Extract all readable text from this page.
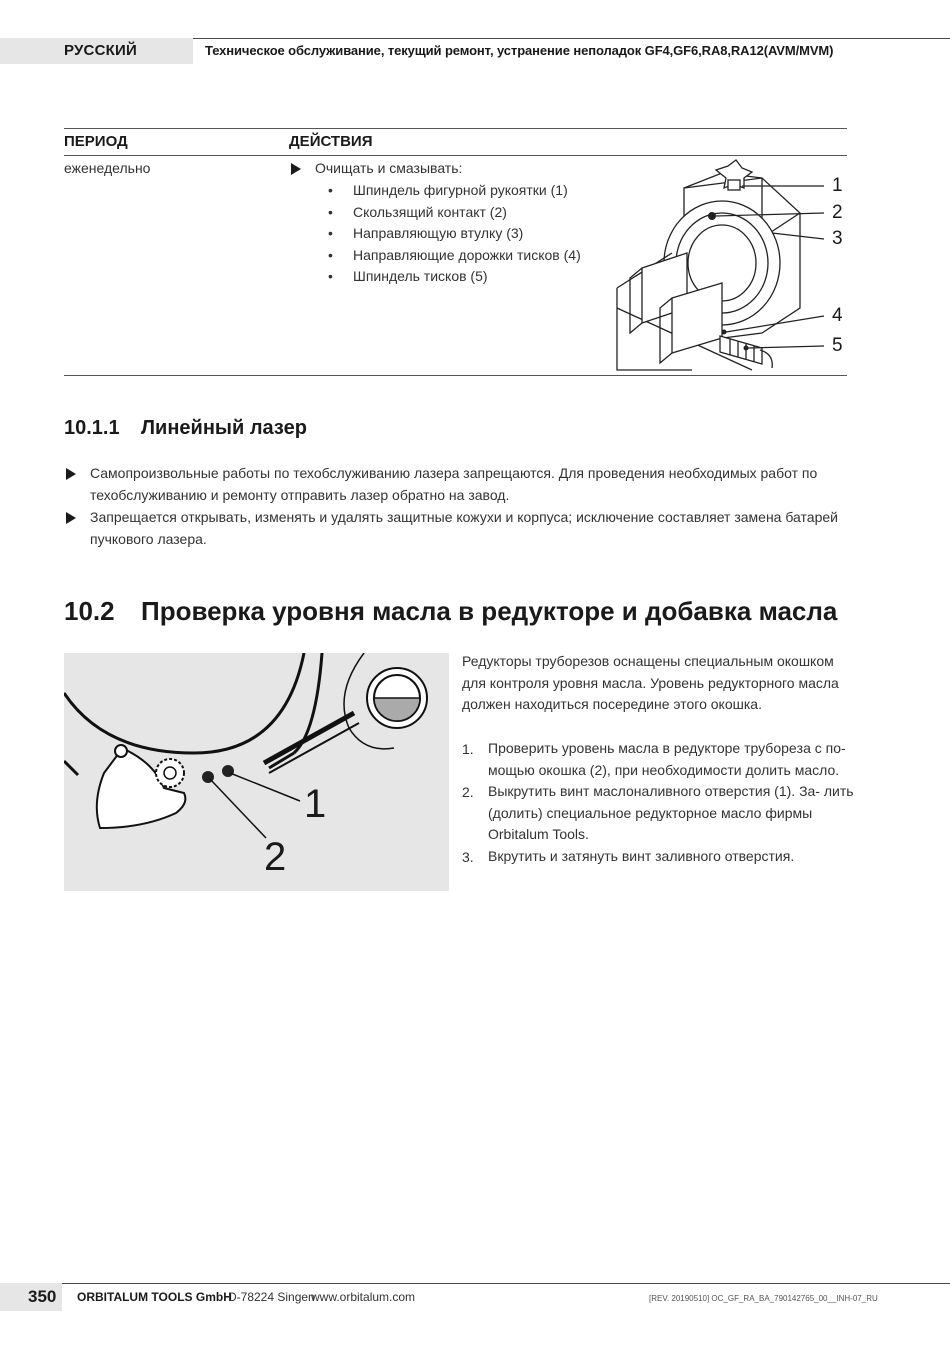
РУССКИЙ	Техническое обслуживание, текущий ремонт, устранение неполадок GF4,GF6,RA8,RA12(AVM/MVM)
ПЕРИОД	ДЕЙСТВИЯ
еженедельно	Очищать и смазывать:
• Шпиндель фигурной рукоятки (1)
• Скользящий контакт (2)
• Направляющую втулку (3)
• Направляющие дорожки тисков (4)
• Шпиндель тисков (5)
1
2
3
4
5
10.1.1 Линейный лазер
Самопроизвольные работы по техобслуживанию лазера запрещаются. Для проведения необходимых работ по
техобслуживанию и ремонту отправить лазер обратно на завод.
Запрещается открывать, изменять и удалять защитные кожухи и корпуса; исключение составляет замена батарей
пучкового лазера.
10.2 Проверка уровня масла в редукторе и добавка масла
1
2
Редукторы труборезов оснащены специальным окошком
для контроля уровня масла. Уровень редукторного масла
должен находиться посередине этого окошка.
1. Проверить уровень масла в редукторе труборeза с по-
мощью окошка (2), при необходимости долить масло.
2. Выкрутить винт маслоналивного отверстия (1). За- лить
(долить) специальное редукторное масло фирмы
Orbitalum Tools.
3. Вкрутить и затянуть винт заливного отверстия.
350 ORBITALUM TOOLS GmbH
D-78224 Singen
www.orbitalum.com	[REV. 20190510] OC_GF_RA_BA_790142765_00__INH-07_RU
